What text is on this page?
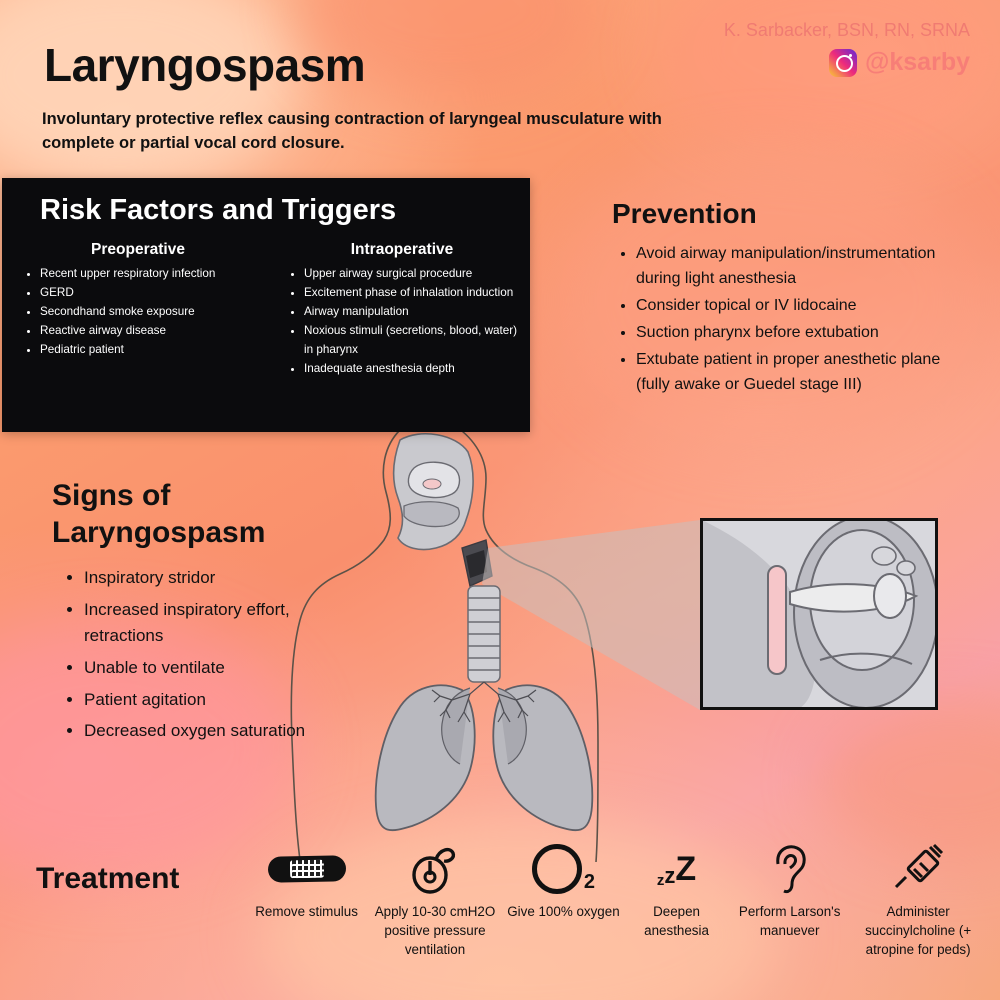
Laryngospasm
Involuntary protective reflex causing contraction of laryngeal musculature with complete or partial vocal cord closure.
K. Sarbacker, BSN, RN, SRNA
@ksarby
Risk Factors and Triggers
Preoperative
• Recent upper respiratory infection
• GERD
• Secondhand smoke exposure
• Reactive airway disease
• Pediatric patient
Intraoperative
• Upper airway surgical procedure
• Excitement phase of inhalation induction
• Airway manipulation
• Noxious stimuli (secretions, blood, water) in pharynx
• Inadequate anesthesia depth
Prevention
• Avoid airway manipulation/instrumentation during light anesthesia
• Consider topical or IV lidocaine
• Suction pharynx before extubation
• Extubate patient in proper anesthetic plane (fully awake or Guedel stage III)
Signs of Laryngospasm
• Inspiratory stridor
• Increased inspiratory effort, retractions
• Unable to ventilate
• Patient agitation
• Decreased oxygen saturation
Treatment
Remove stimulus	Apply 10-30 cmH2O positive pressure ventilation
2
Give 100% oxygen
z z Z
Deepen anesthesia
Perform Larson's manuever
Administer succinylcholine (+ atropine for peds)
